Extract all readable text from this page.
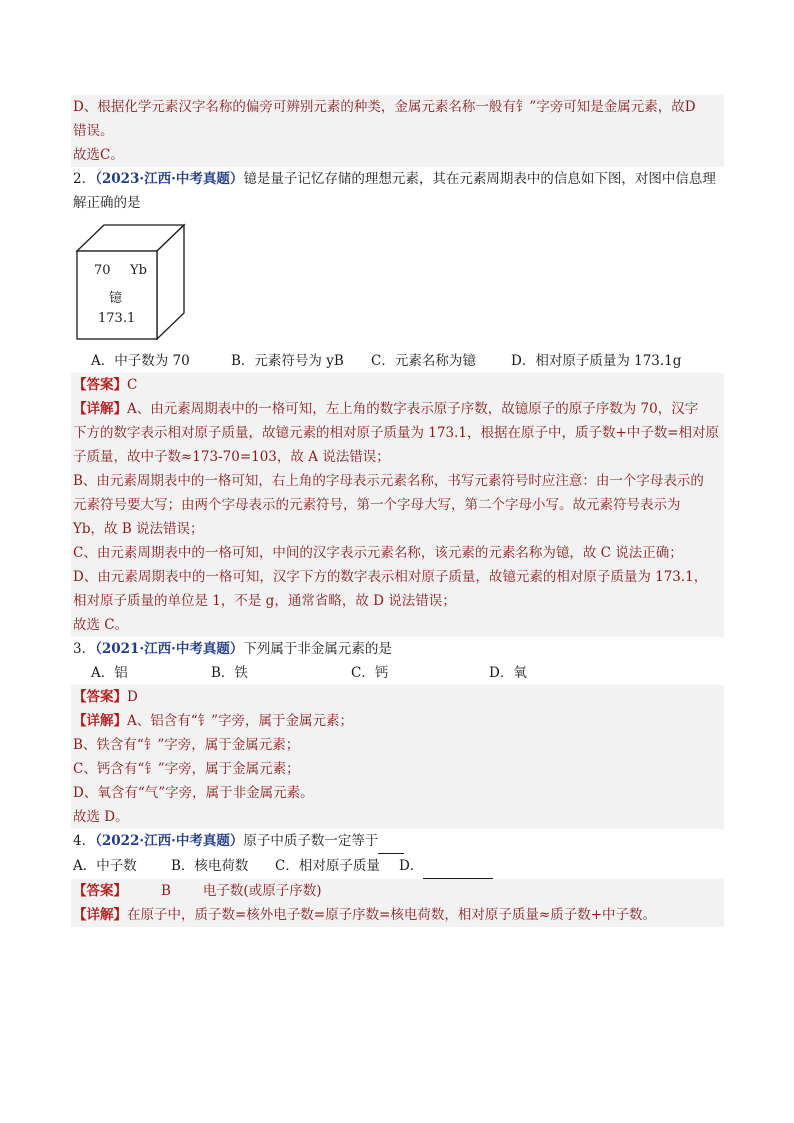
D、根据化学元素汉字名称的偏旁可辨别元素的种类，金属元素名称一般有钅”字旁可知是金属元素，故D
错误。
故选C。
2．（2023·江西·中考真题）镱是量子记忆存储的理想元素，其在元素周期表中的信息如下图，对图中信息理
解正确的是
70 Yb
镱
173.1
A．中子数为 70	B．元素符号为 yB	C．元素名称为镱	D．相对原子质量为 173.1g
【答案】C
【详解】A、由元素周期表中的一格可知，左上角的数字表示原子序数，故镱原子的原子序数为 70，汉字
下方的数字表示相对原子质量，故镱元素的相对原子质量为 173.1，根据在原子中，质子数+中子数=相对原
子质量，故中子数≈173-70=103，故 A 说法错误；
B、由元素周期表中的一格可知，右上角的字母表示元素名称，书写元素符号时应注意：由一个字母表示的
元素符号要大写；由两个字母表示的元素符号，第一个字母大写，第二个字母小写。故元素符号表示为
Yb，故 B 说法错误；
C、由元素周期表中的一格可知，中间的汉字表示元素名称，该元素的元素名称为镱，故 C 说法正确；
D、由元素周期表中的一格可知，汉字下方的数字表示相对原子质量，故镱元素的相对原子质量为 173.1，
相对原子质量的单位是 1，不是 g，通常省略，故 D 说法错误；
故选 C。
3．（2021·江西·中考真题）下列属于非金属元素的是
A．铝	B．铁	C．钙	D．氧
【答案】D
【详解】A、铝含有“钅”字旁，属于金属元素；
B、铁含有“钅”字旁，属于金属元素；
C、钙含有“钅”字旁，属于金属元素；
D、氧含有“气”字旁，属于非金属元素。
故选 D。
4．（2022·江西·中考真题）原子中质子数一定等于
A．中子数	B．核电荷数	C．相对原子质量	D．
【答案】	B 电子数(或原子序数)
【详解】在原子中，质子数=核外电子数=原子序数=核电荷数，相对原子质量≈质子数+中子数。
